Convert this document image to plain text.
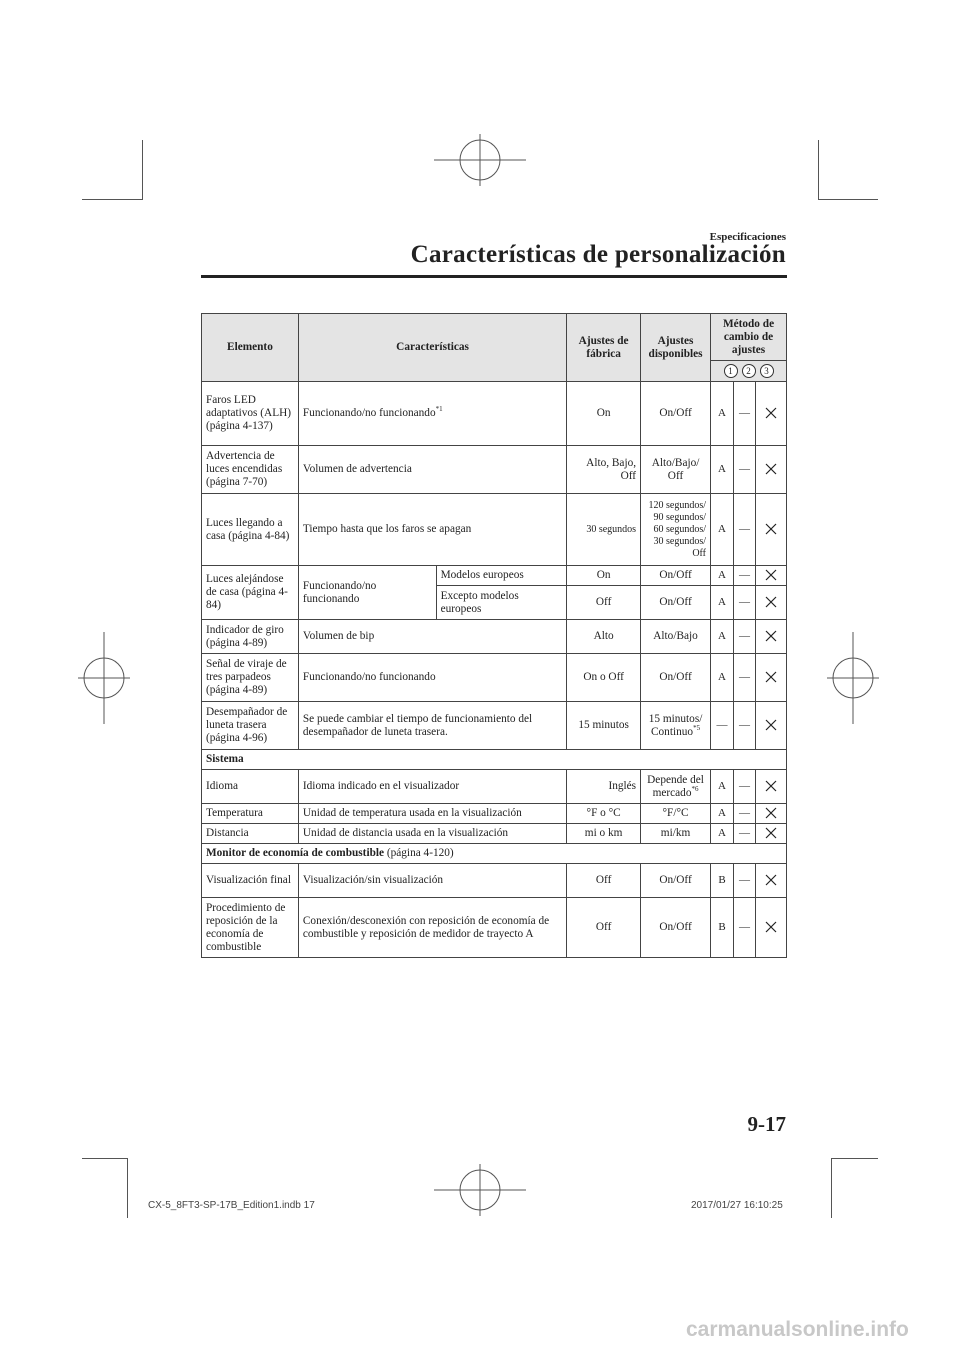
Especificaciones
Características de personalización
Elemento	Características		Ajustes de fábrica	Ajustes disponibles	Método de cambio de ajustes		
					1 2 3		
Faros LED adaptativos (ALH) (página 4-137)	Funcionando/no funcionando$^{*1}$		On	On/Off	A	—	
Advertencia de luces encendidas (página 7-70)	Volumen de advertencia		Alto, Bajo, Off	Alto/Bajo/ Off	A	—	
Luces llegando a casa (página 4-84)	Tiempo hasta que los faros se apagan		30 segundos	120 segundos/ 90 segundos/ 60 segundos/ 30 segundos/ Off	A	—	
Luces alejándose de casa (página 4-84)	Funcionando/no funcionando	Modelos europeos	On	On/Off	A	—	
		Excepto modelos europeos	Off	On/Off	A	—	
Indicador de giro (página 4-89)	Volumen de bip		Alto	Alto/Bajo	A	—	
Señal de viraje de tres parpadeos (página 4-89)	Funcionando/no funcionando		On o Off	On/Off	A	—	
Desempañador de luneta trasera (página 4-96)	Se puede cambiar el tiempo de funcionamiento del desempañador de luneta trasera.		15 minutos	15 minutos/ Continuo$^{*5}$	—	—	
Sistema							
Idioma	Idioma indicado en el visualizador		Inglés	Depende del mercado$^{*6}$	A	—	
Temperatura	Unidad de temperatura usada en la visualización		°F o °C	°F/°C	A	—	
Distancia	Unidad de distancia usada en la visualización		mi o km	mi/km	A	—	
Monitor de economía de combustible (página 4-120)							
Visualización final	Visualización/sin visualización		Off	On/Off	B	—	
Procedimiento de reposición de la economía de combustible	Conexión/desconexión con reposición de economía de combustible y reposición de medidor de trayecto A		Off	On/Off	B	—	
9-17
CX-5_8FT3-SP-17B_Edition1.indb 17	2017/01/27 16:10:25
carmanualsonline.info
